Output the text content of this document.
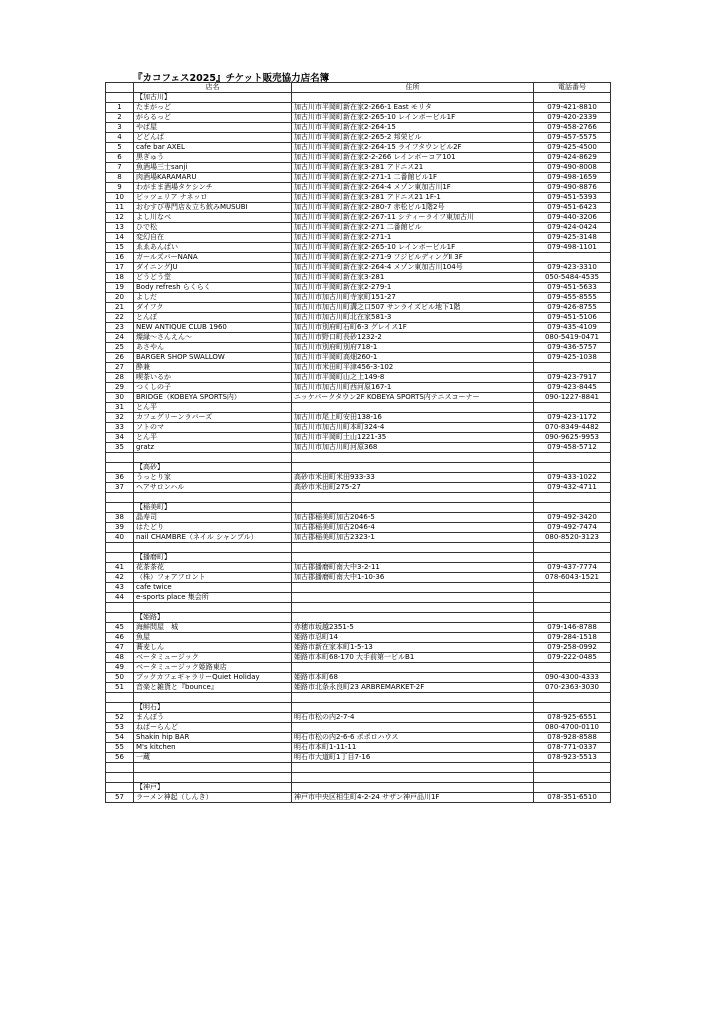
『カコフェス2025』チケット販売協力店名簿
	店名	住所	電話番号
	【加古川】		
1	たまがっど	加古川市平岡町新在家2-266-1 East モリタ	079-421-8810
2	がらるっど	加古川市平岡町新在家2-265-10 レインボービル1F	079-420-2339
3	やぱ屋	加古川市平岡町新在家2-264-15	079-458-2766
4	どどんぱ	加古川市平岡町新在家2-265-2 邦栄ビル	079-457-5575
5	cafe bar AXEL	加古川市平岡町新在家2-264-15 ライフタウンビル2F	079-425-4500
6	黒ぎゅう	加古川市平岡町新在家2-2-266 レインボーコア101	079-424-8629
7	魚酒場三士sanji	加古川市平岡町新在家3-281 アドニス21	079-490-8008
8	肉酒場KARAMARU	加古川市平岡町新在家2-271-1 二番館ビル1F	079-498-1659
9	わがまま酒場タケシンチ	加古川市平岡町新在家2-264-4 メゾン東加古川1F	079-490-8876
10	ピッツェリア ナネッロ	加古川市平岡町新在家3-281 アドニス21 1F-1	079-451-5393
11	おむすび専門店＆立ち飲みMUSUBI	加古川市平岡町新在家2-280-7 赤松ビル1階2号	079-451-6423
12	よし川なべ	加古川市平岡町新在家2-267-11 シティーライフ東加古川	079-440-3206
13	ひで松	加古川市平岡町新在家2-271 二番館ビル	079-424-0424
14	変幻自在	加古川市平岡町新在家2-271-1	079-425-3148
15	ゑゑあんばい	加古川市平岡町新在家2-265-10 レインボービル1F	079-498-1101
16	ガールズバーNANA	加古川市平岡町新在家2-271-9 フジビルディングⅡ 3F	
17	ダイニングJU	加古川市平岡町新在家2-264-4 メゾン東加古川104号	079-423-3310
18	どうどう堂	加古川市平岡町新在家3-281	050-5484-4535
19	Body refresh らくらく	加古川市平岡町新在家2-279-1	079-451-5633
20	よしだ	加古川市加古川町寺家町151-27	079-455-8555
21	ダイフク	加古川市加古川町溝之口507 サンライズビル地下1階	079-426-8755
22	とんぼ	加古川市加古川町北在家581-3	079-451-5106
23	NEW ANTIQUE CLUB 1960	加古川市別府町石町6-3 グレイス1F	079-435-4109
24	燦縁～さんえん～	加古川市野口町長砂1232-2	080-5419-0471
25	あさやん	加古川市別府町別府718-1	079-436-5757
26	BARGER SHOP SWALLOW	加古川市平岡町高畑260-1	079-425-1038
27	酔兼	加古川市米田町平津456-3-102	
28	喫茶いるか	加古川市平岡町山之上149-8	079-423-7917
29	つくしの子	加古川市加古川町西河原167-1	079-423-8445
30	BRIDGE（KOBEYA SPORTS内）	ニッケパークタウン2F KOBEYA SPORTS内テニスコーナー	090-1227-8841
31	とん平		
32	カフェグリーンラバーズ	加古川市尾上町安田138-16	079-423-1172
33	ソトのマ	加古川市加古川町本町324-4	070-8349-4482
34	とん平	加古川市平岡町土山1221-35	090-9625-9953
35	gratz	加古川市加古川町河原368	079-458-5712

	【高砂】		
36	うっとり家	高砂市米田町米田933-33	079-433-1022
37	ヘアサロンハル	高砂市米田町275-27	079-432-4711

	【稲美町】		
38	晶寿司	加古郡稲美町加古2046-5	079-492-3420
39	はたどり	加古郡稲美町加古2046-4	079-492-7474
40	nail CHAMBRE（ネイル シャンブル）	加古郡稲美町加古2323-1	080-8520-3123

	【播磨町】		
41	花茶茶花	加古郡播磨町南大中3-2-11	079-437-7774
42	（株）フォアフロント	加古郡播磨町南大中1-10-36	078-6043-1521
43	cafe twice		
44	e-sports place 集会所		

	【姫路】		
45	海鮮問屋　城	赤穂市坂越2351-5	079-146-8788
46	魚屋	姫路市忍町14	079-284-1518
47	蕎麦しん	姫路市新在家本町1-5-13	079-258-0992
48	ベータミュージック	姫路市本町68-170 大手前第一ビルB1	079-222-0485
49	ベータミュージック姫路東店		
50	ブックカフェギャラリーQuiet Holiday	姫路市本町68	090-4300-4333
51	音楽と雑貨と『bounce』	姫路市北条永良町23 ARBREMARKET-2F	070-2363-3030

	【明石】		
52	まんぼう	明石市松の内2-7-4	078-925-6551
53	ねばーらんど		080-4700-0110
54	Shakin hip BAR	明石市松の内2-6-6 ポポロハウス	078-928-8588
55	M's kitchen	明石市本町1-11-11	078-771-0337
56	一蔵	明石市大道町1丁目7-16	078-923-5513

	【神戸】		
57	ラーメン神起（しんき）	神戸市中央区相生町4-2-24 サザン神戸品川1F	078-351-6510
